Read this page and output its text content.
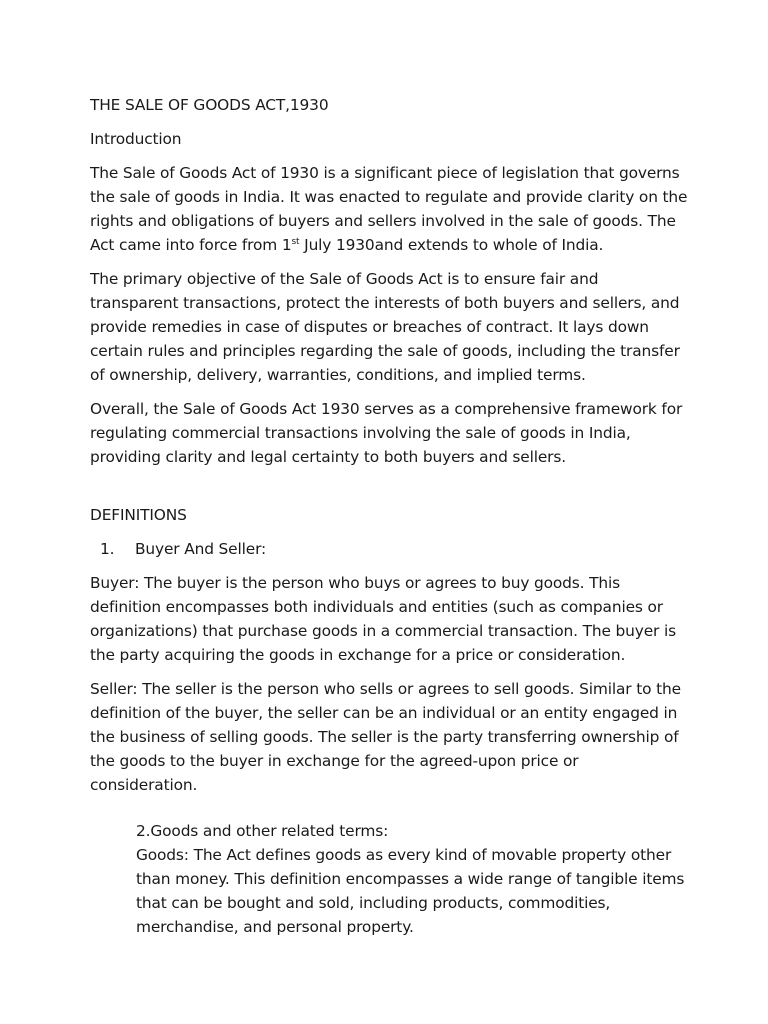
THE SALE OF GOODS ACT,1930

Introduction

The Sale of Goods Act of 1930 is a significant piece of legislation that governs the sale of goods in India. It was enacted to regulate and provide clarity on the rights and obligations of buyers and sellers involved in the sale of goods. The Act came into force from 1st July 1930and extends to whole of India.

The primary objective of the Sale of Goods Act is to ensure fair and transparent transactions, protect the interests of both buyers and sellers, and provide remedies in case of disputes or breaches of contract. It lays down certain rules and principles regarding the sale of goods, including the transfer of ownership, delivery, warranties, conditions, and implied terms.

Overall, the Sale of Goods Act 1930 serves as a comprehensive framework for regulating commercial transactions involving the sale of goods in India, providing clarity and legal certainty to both buyers and sellers.

DEFINITIONS

1. Buyer And Seller:

Buyer: The buyer is the person who buys or agrees to buy goods. This definition encompasses both individuals and entities (such as companies or organizations) that purchase goods in a commercial transaction. The buyer is the party acquiring the goods in exchange for a price or consideration.

Seller: The seller is the person who sells or agrees to sell goods. Similar to the definition of the buyer, the seller can be an individual or an entity engaged in the business of selling goods. The seller is the party transferring ownership of the goods to the buyer in exchange for the agreed-upon price or consideration.

2.Goods and other related terms:
Goods: The Act defines goods as every kind of movable property other than money. This definition encompasses a wide range of tangible items that can be bought and sold, including products, commodities, merchandise, and personal property.
